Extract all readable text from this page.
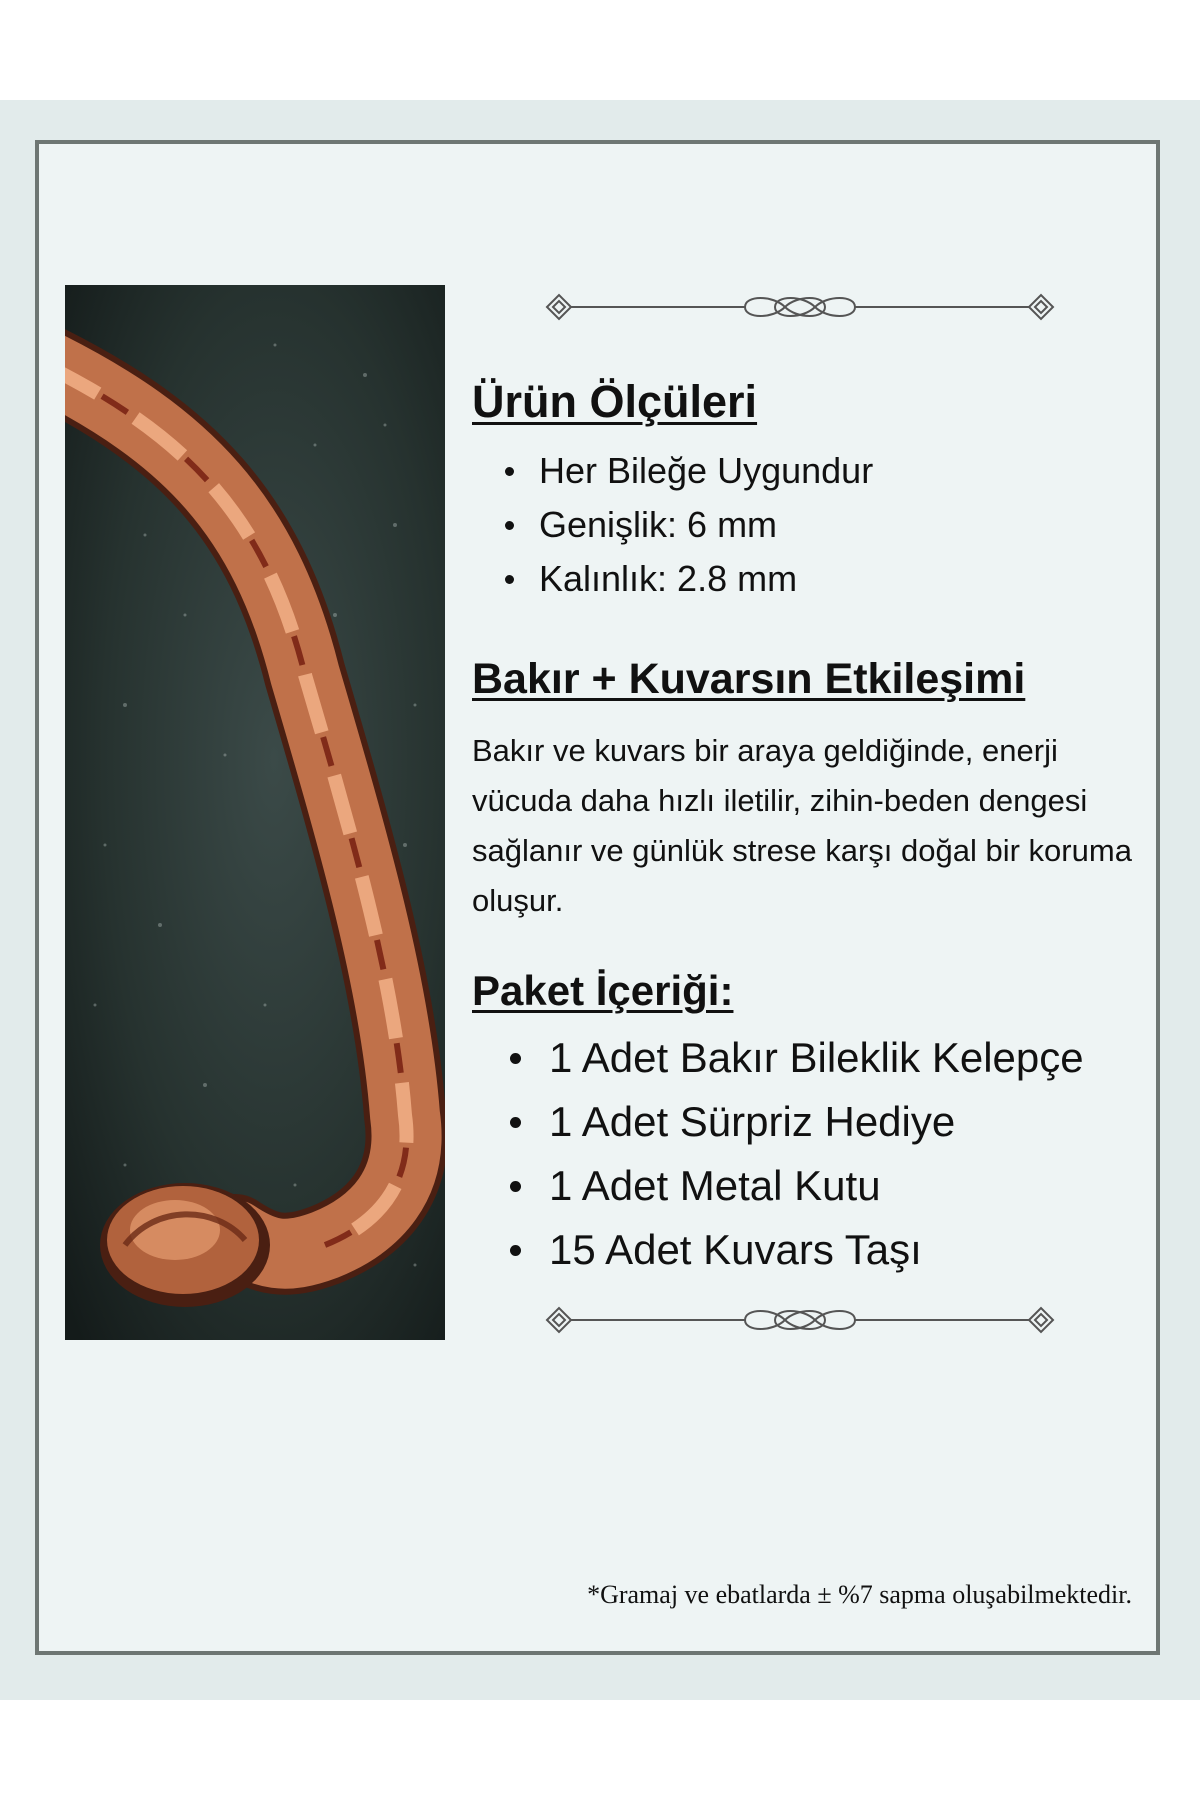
Ürün Ölçüleri
Her Bileğe Uygundur
Genişlik: 6 mm
Kalınlık: 2.8 mm
Bakır + Kuvarsın Etkileşimi

Bakır ve kuvars bir araya geldiğinde, enerji vücuda daha hızlı iletilir, zihin-beden dengesi sağlanır ve günlük strese karşı doğal bir koruma oluşur.

Paket İçeriği:
1 Adet Bakır Bileklik Kelepçe
1 Adet Sürpriz Hediye
1 Adet Metal Kutu
15 Adet Kuvars Taşı
*Gramaj ve ebatlarda ± %7 sapma oluşabilmektedir.
